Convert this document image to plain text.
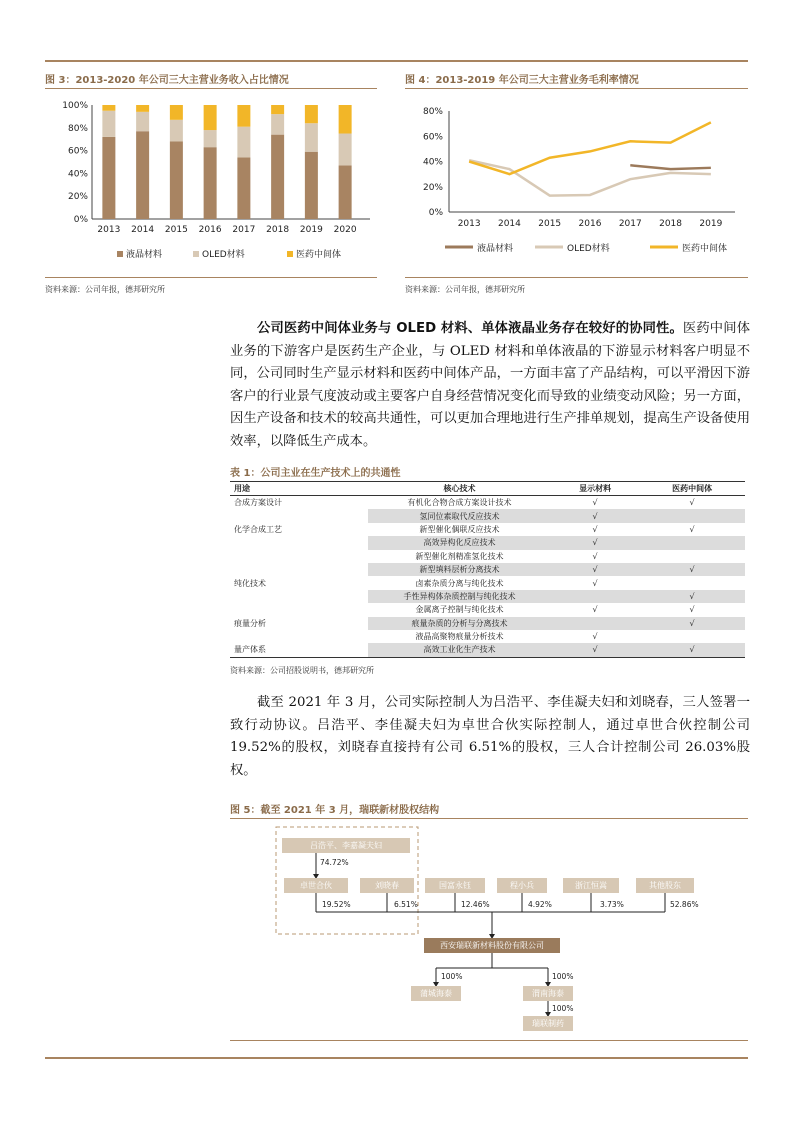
图 3：2013-2020 年公司三大主营业务收入占比情况
0%
20%
40%
60%
80%
100%
2013 2014 2015 2016 2017 2018 2019 2020
液晶材料	OLED材料	医药中间体
资料来源：公司年报，德邦研究所
图 4：2013-2019 年公司三大主营业务毛利率情况
0%
20%
40%
60%
80%
2013 2014 2015 2016 2017 2018 2019
液晶材料	OLED材料	医药中间体
资料来源：公司年报，德邦研究所
公司医药中间体业务与 OLED 材料、单体液晶业务存在较好的协同性。医药中间体业务的下游客户是医药生产企业，与 OLED 材料和单体液晶的下游显示材料客户明显不同，公司同时生产显示材料和医药中间体产品，一方面丰富了产品结构，可以平滑因下游客户的行业景气度波动或主要客户自身经营情况变化而导致的业绩变动风险；另一方面，因生产设备和技术的较高共通性，可以更加合理地进行生产排单规划，提高生产设备使用效率，以降低生产成本。
表 1：公司主业在生产技术上的共通性
用途	核心技术	显示材料	医药中间体
合成方案设计	有机化合物合成方案设计技术	√	√
	氢同位素取代反应技术	√	
化学合成工艺	新型催化偶联反应技术	√	√
	高效异构化反应技术	√	
	新型催化剂精准氢化技术	√	
	新型填料层析分离技术	√	√
纯化技术	卤素杂质分离与纯化技术	√	
	手性异构体杂质控制与纯化技术		√
	金属离子控制与纯化技术	√	√
痕量分析	痕量杂质的分析与分离技术		√
	液晶高聚物痕量分析技术	√	
量产体系	高效工业化生产技术	√	√
资料来源：公司招股说明书，德邦研究所
截至 2021 年 3 月，公司实际控制人为吕浩平、李佳凝夫妇和刘晓春，三人签署一致行动协议。吕浩平、李佳凝夫妇为卓世合伙实际控制人，通过卓世合伙控制公司 19.52%的股权，刘晓春直接持有公司 6.51%的股权，三人合计控制公司 26.03%股权。
图 5：截至 2021 年 3 月，瑞联新材股权结构
吕浩平、李嘉凝夫妇
卓世合伙	刘晓春	国富永钰	程小兵	浙江恒嵩	其他股东
西安瑞联新材料股份有限公司
蒲城海泰	渭南海泰
瑞联制药
74.72%
19.52%	6.51%	12.46%	4.92%	3.73%	52.86%
100%	100%
100%
